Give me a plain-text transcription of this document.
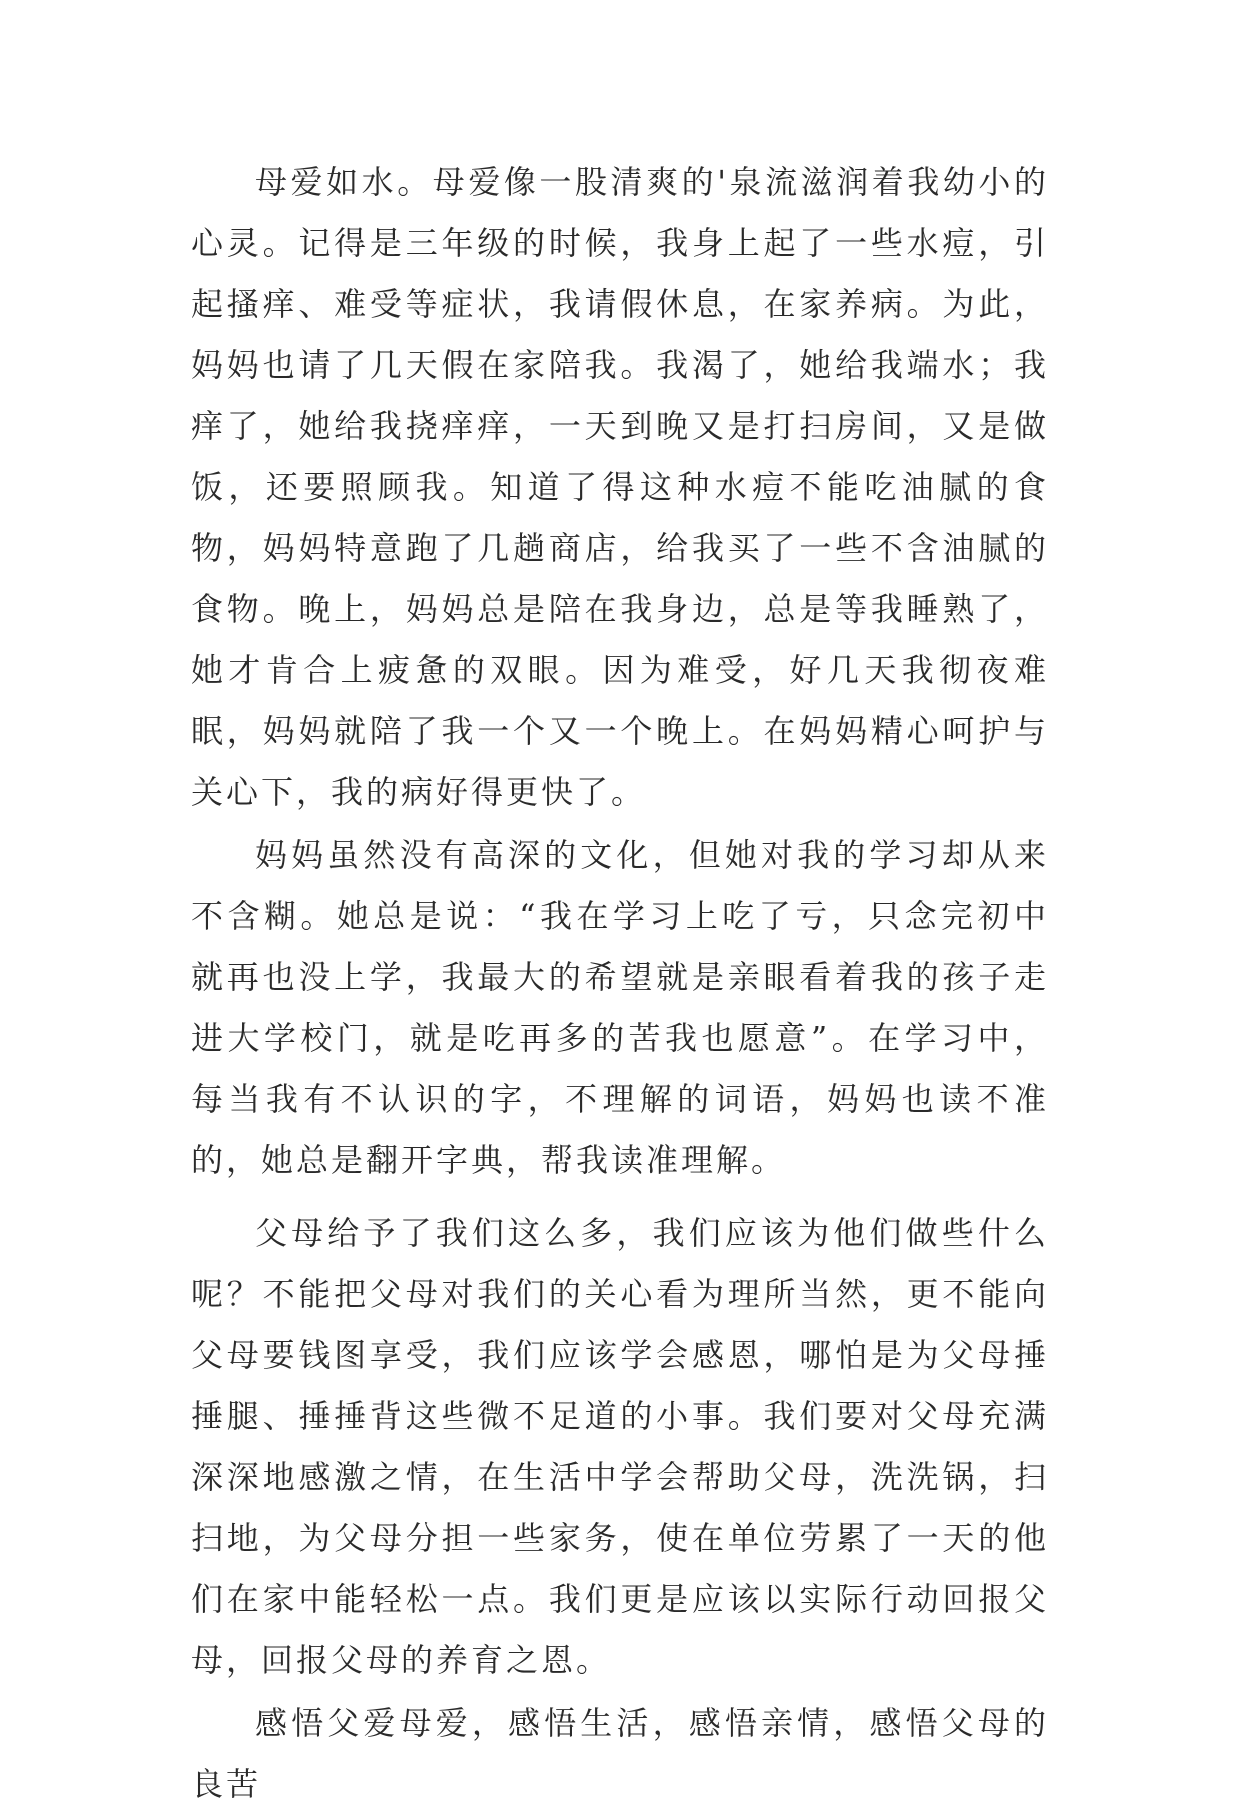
母爱如水。母爱像一股清爽的'泉流滋润着我幼小的心灵。记得是三年级的时候，我身上起了一些水痘，引起搔痒、难受等症状，我请假休息，在家养病。为此，妈妈也请了几天假在家陪我。我渴了，她给我端水；我痒了，她给我挠痒痒，一天到晚又是打扫房间，又是做饭，还要照顾我。知道了得这种水痘不能吃油腻的食物，妈妈特意跑了几趟商店，给我买了一些不含油腻的食物。晚上，妈妈总是陪在我身边，总是等我睡熟了，她才肯合上疲惫的双眼。因为难受，好几天我彻夜难眠，妈妈就陪了我一个又一个晚上。在妈妈精心呵护与关心下，我的病好得更快了。

妈妈虽然没有高深的文化，但她对我的学习却从来不含糊。她总是说：“我在学习上吃了亏，只念完初中就再也没上学，我最大的希望就是亲眼看着我的孩子走进大学校门，就是吃再多的苦我也愿意”。在学习中，每当我有不认识的字，不理解的词语，妈妈也读不准的，她总是翻开字典，帮我读准理解。

父母给予了我们这么多，我们应该为他们做些什么呢？不能把父母对我们的关心看为理所当然，更不能向父母要钱图享受，我们应该学会感恩，哪怕是为父母捶捶腿、捶捶背这些微不足道的小事。我们要对父母充满深深地感激之情，在生活中学会帮助父母，洗洗锅，扫扫地，为父母分担一些家务，使在单位劳累了一天的他们在家中能轻松一点。我们更是应该以实际行动回报父母，回报父母的养育之恩。

感悟父爱母爱，感悟生活，感悟亲情，感悟父母的良苦
